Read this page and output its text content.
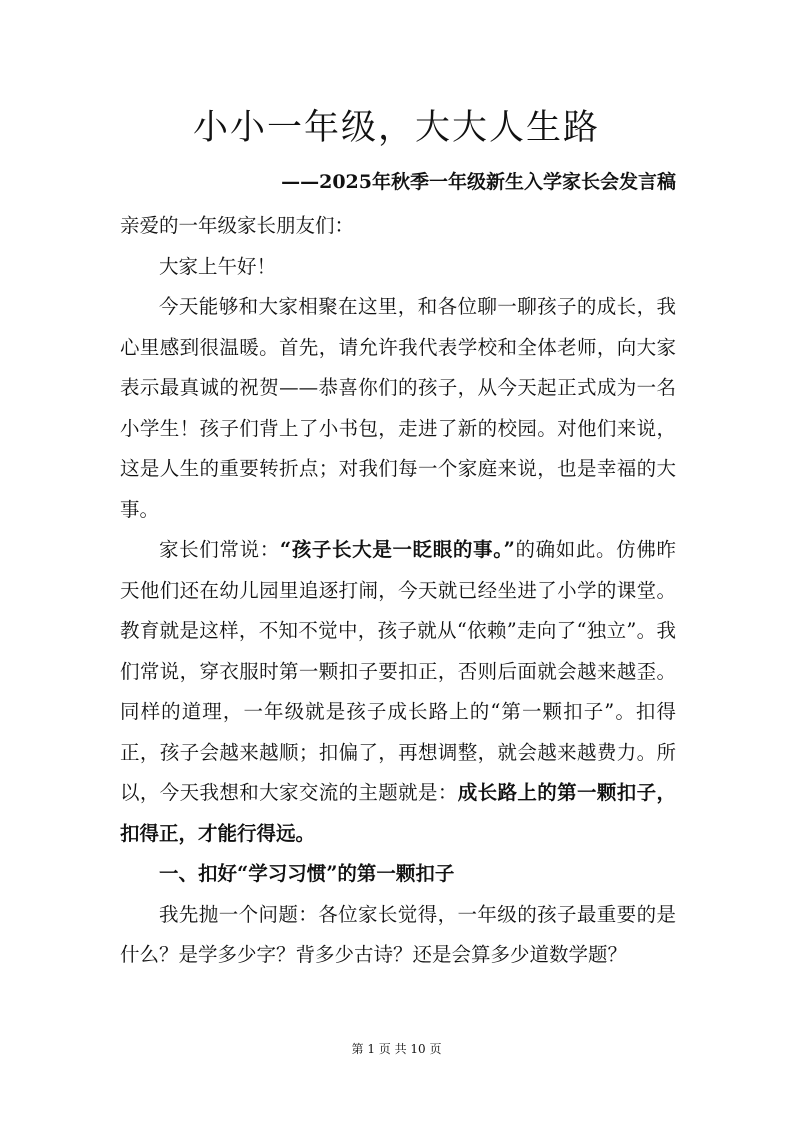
小小一年级，大大人生路
——2025年秋季一年级新生入学家长会发言稿

亲爱的一年级家长朋友们：

大家上午好！

今天能够和大家相聚在这里，和各位聊一聊孩子的成长，我心里感到很温暖。首先，请允许我代表学校和全体老师，向大家表示最真诚的祝贺——恭喜你们的孩子，从今天起正式成为一名小学生！孩子们背上了小书包，走进了新的校园。对他们来说，这是人生的重要转折点；对我们每一个家庭来说，也是幸福的大事。

家长们常说：“孩子长大是一眨眼的事。”的确如此。仿佛昨天他们还在幼儿园里追逐打闹，今天就已经坐进了小学的课堂。教育就是这样，不知不觉中，孩子就从“依赖”走向了“独立”。我们常说，穿衣服时第一颗扣子要扣正，否则后面就会越来越歪。同样的道理，一年级就是孩子成长路上的“第一颗扣子”。扣得正，孩子会越来越顺；扣偏了，再想调整，就会越来越费力。所以，今天我想和大家交流的主题就是：成长路上的第一颗扣子，扣得正，才能行得远。

一、扣好“学习习惯”的第一颗扣子

我先抛一个问题：各位家长觉得，一年级的孩子最重要的是什么？是学多少字？背多少古诗？还是会算多少道数学题？

第 1 页 共 10 页
